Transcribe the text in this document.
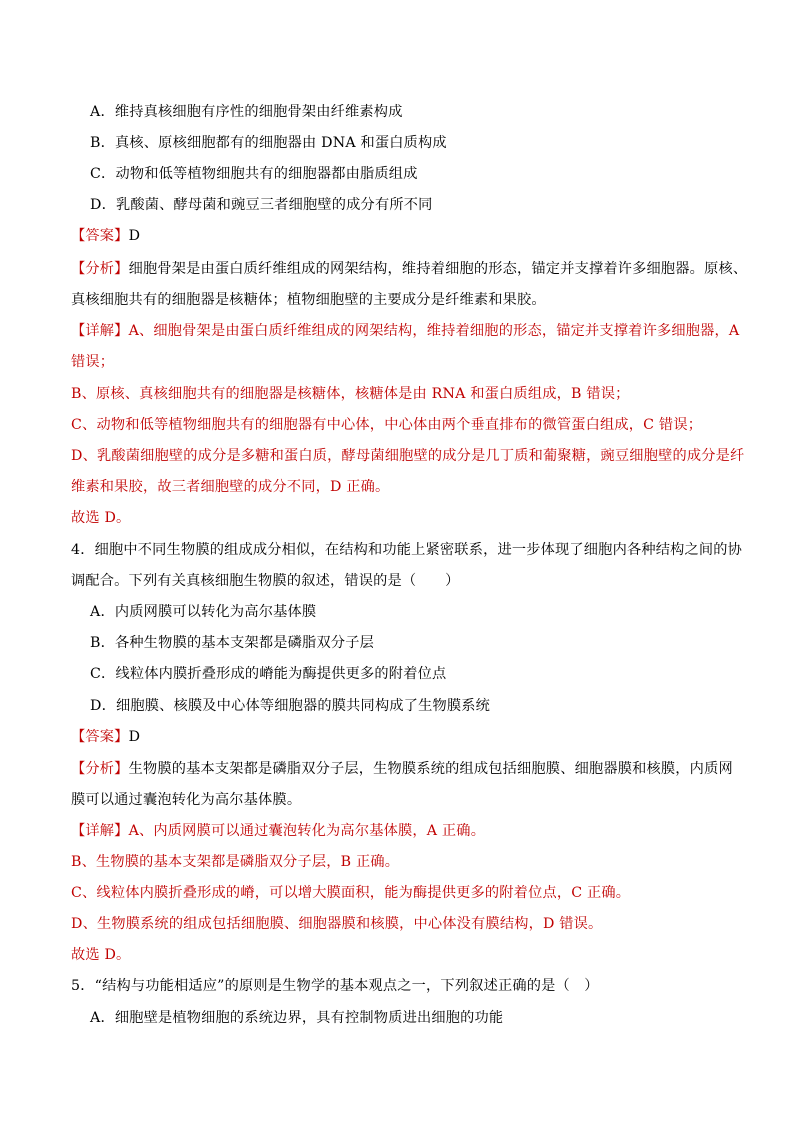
A．维持真核细胞有序性的细胞骨架由纤维素构成
B．真核、原核细胞都有的细胞器由 DNA 和蛋白质构成
C．动物和低等植物细胞共有的细胞器都由脂质组成
D．乳酸菌、酵母菌和豌豆三者细胞壁的成分有所不同
【答案】D
【分析】细胞骨架是由蛋白质纤维组成的网架结构，维持着细胞的形态，锚定并支撑着许多细胞器。原核、
真核细胞共有的细胞器是核糖体；植物细胞壁的主要成分是纤维素和果胶。
【详解】A、细胞骨架是由蛋白质纤维组成的网架结构，维持着细胞的形态，锚定并支撑着许多细胞器，A
错误；
B、原核、真核细胞共有的细胞器是核糖体，核糖体是由 RNA 和蛋白质组成，B 错误；
C、动物和低等植物细胞共有的细胞器有中心体，中心体由两个垂直排布的微管蛋白组成，C 错误；
D、乳酸菌细胞壁的成分是多糖和蛋白质，酵母菌细胞壁的成分是几丁质和葡聚糖，豌豆细胞壁的成分是纤
维素和果胶，故三者细胞壁的成分不同，D 正确。
故选 D。
4．细胞中不同生物膜的组成成分相似，在结构和功能上紧密联系，进一步体现了细胞内各种结构之间的协
调配合。下列有关真核细胞生物膜的叙述，错误的是（　　）
A．内质网膜可以转化为高尔基体膜
B．各种生物膜的基本支架都是磷脂双分子层
C．线粒体内膜折叠形成的嵴能为酶提供更多的附着位点
D．细胞膜、核膜及中心体等细胞器的膜共同构成了生物膜系统
【答案】D
【分析】生物膜的基本支架都是磷脂双分子层，生物膜系统的组成包括细胞膜、细胞器膜和核膜，内质网
膜可以通过囊泡转化为高尔基体膜。
【详解】A、内质网膜可以通过囊泡转化为高尔基体膜，A 正确。
B、生物膜的基本支架都是磷脂双分子层，B 正确。
C、线粒体内膜折叠形成的嵴，可以增大膜面积，能为酶提供更多的附着位点，C 正确。
D、生物膜系统的组成包括细胞膜、细胞器膜和核膜，中心体没有膜结构，D 错误。
故选 D。
5．“结构与功能相适应”的原则是生物学的基本观点之一，下列叙述正确的是（　）
A．细胞壁是植物细胞的系统边界，具有控制物质进出细胞的功能
